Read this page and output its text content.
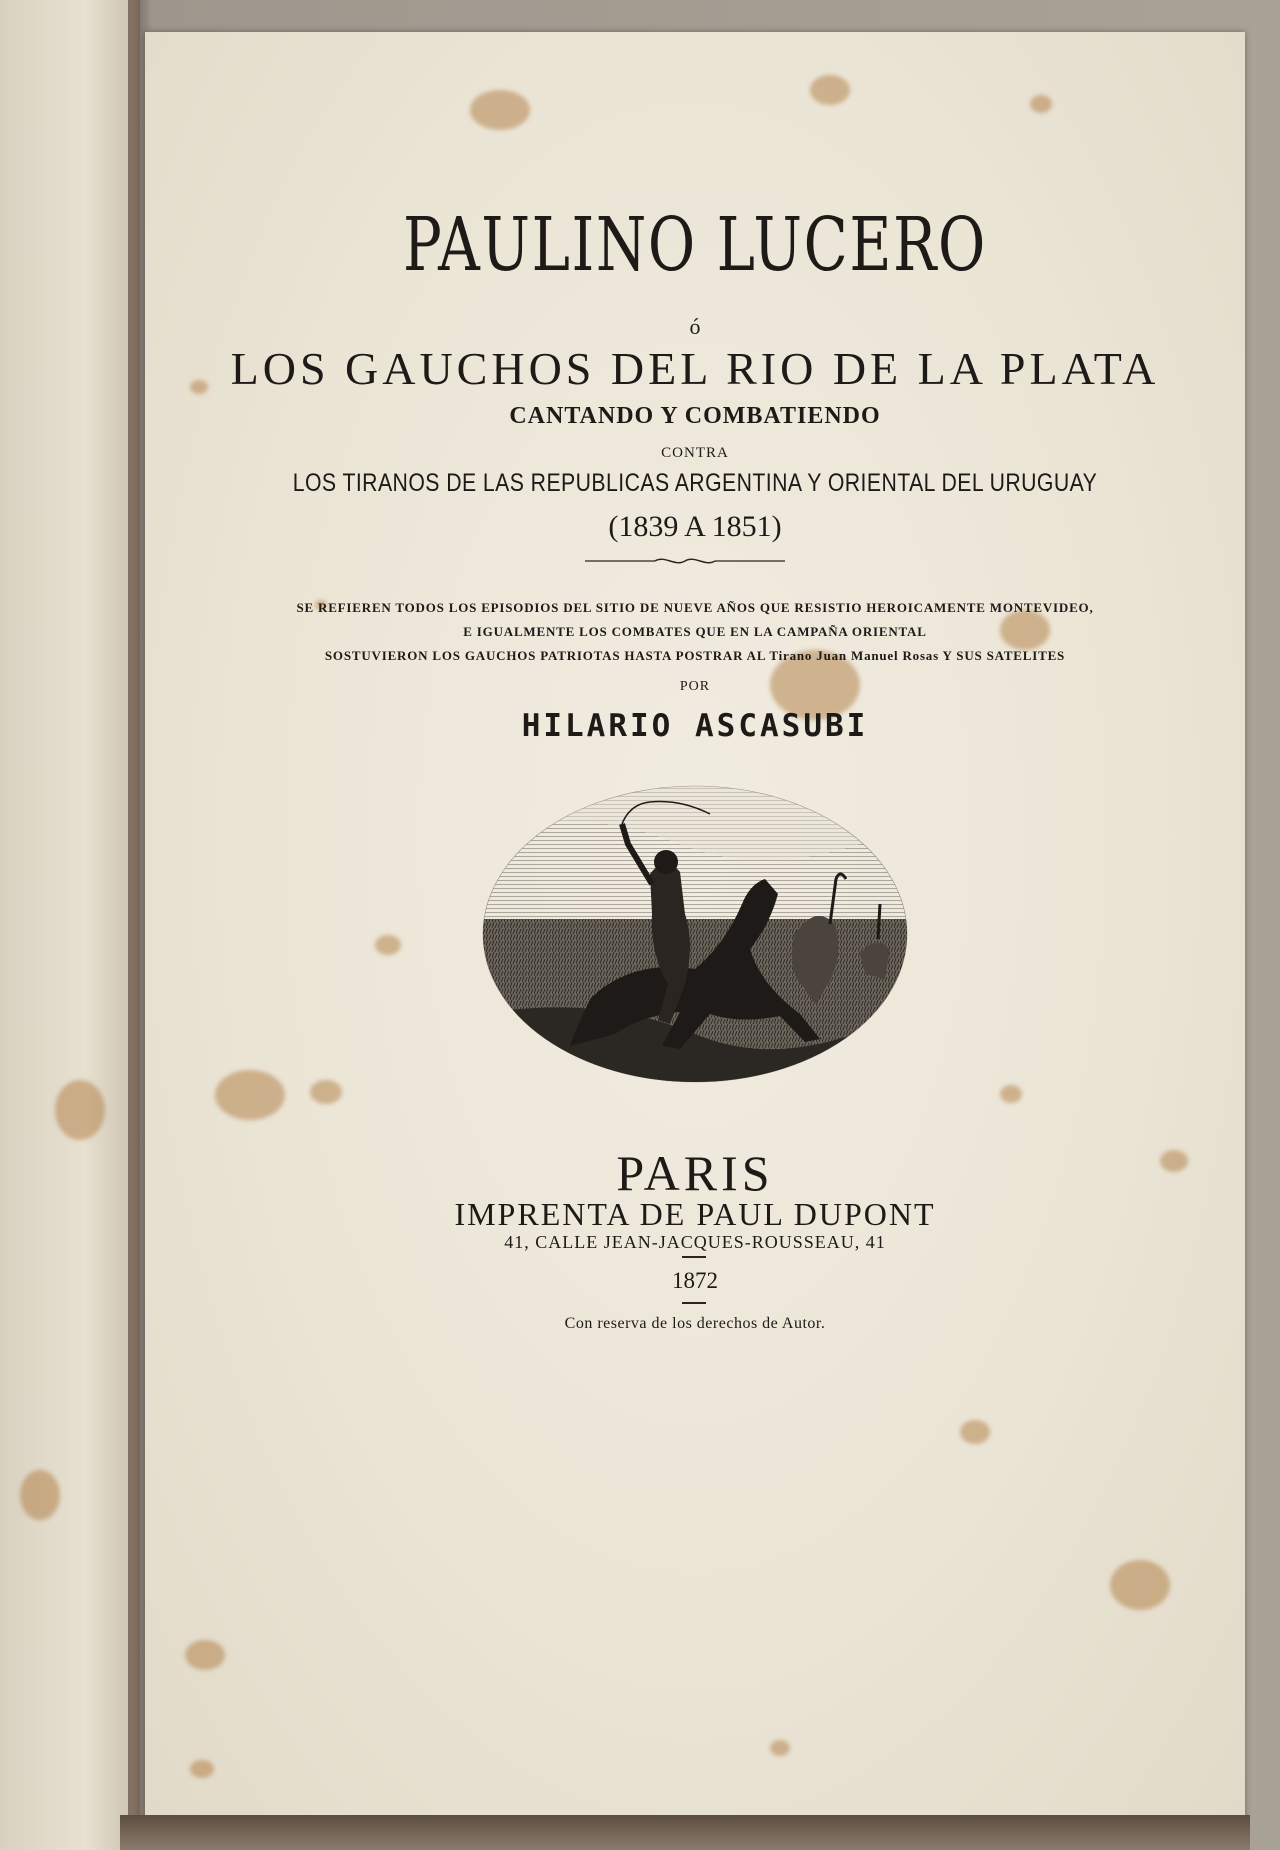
PAULINO LUCERO
ó
LOS GAUCHOS DEL RIO DE LA PLATA
CANTANDO Y COMBATIENDO
CONTRA
LOS TIRANOS DE LAS REPUBLICAS ARGENTINA Y ORIENTAL DEL URUGUAY
(1839 A 1851)
SE REFIEREN TODOS LOS EPISODIOS DEL SITIO DE NUEVE AÑOS QUE RESISTIO HEROICAMENTE MONTEVIDEO,
E IGUALMENTE LOS COMBATES QUE EN LA CAMPAÑA ORIENTAL
SOSTUVIERON LOS GAUCHOS PATRIOTAS HASTA POSTRAR AL Tirano Juan Manuel Rosas Y SUS SATELITES
POR
HILARIO ASCASUBI
PARIS
IMPRENTA DE PAUL DUPONT
41, CALLE JEAN-JACQUES-ROUSSEAU, 41
1872
Con reserva de los derechos de Autor.
